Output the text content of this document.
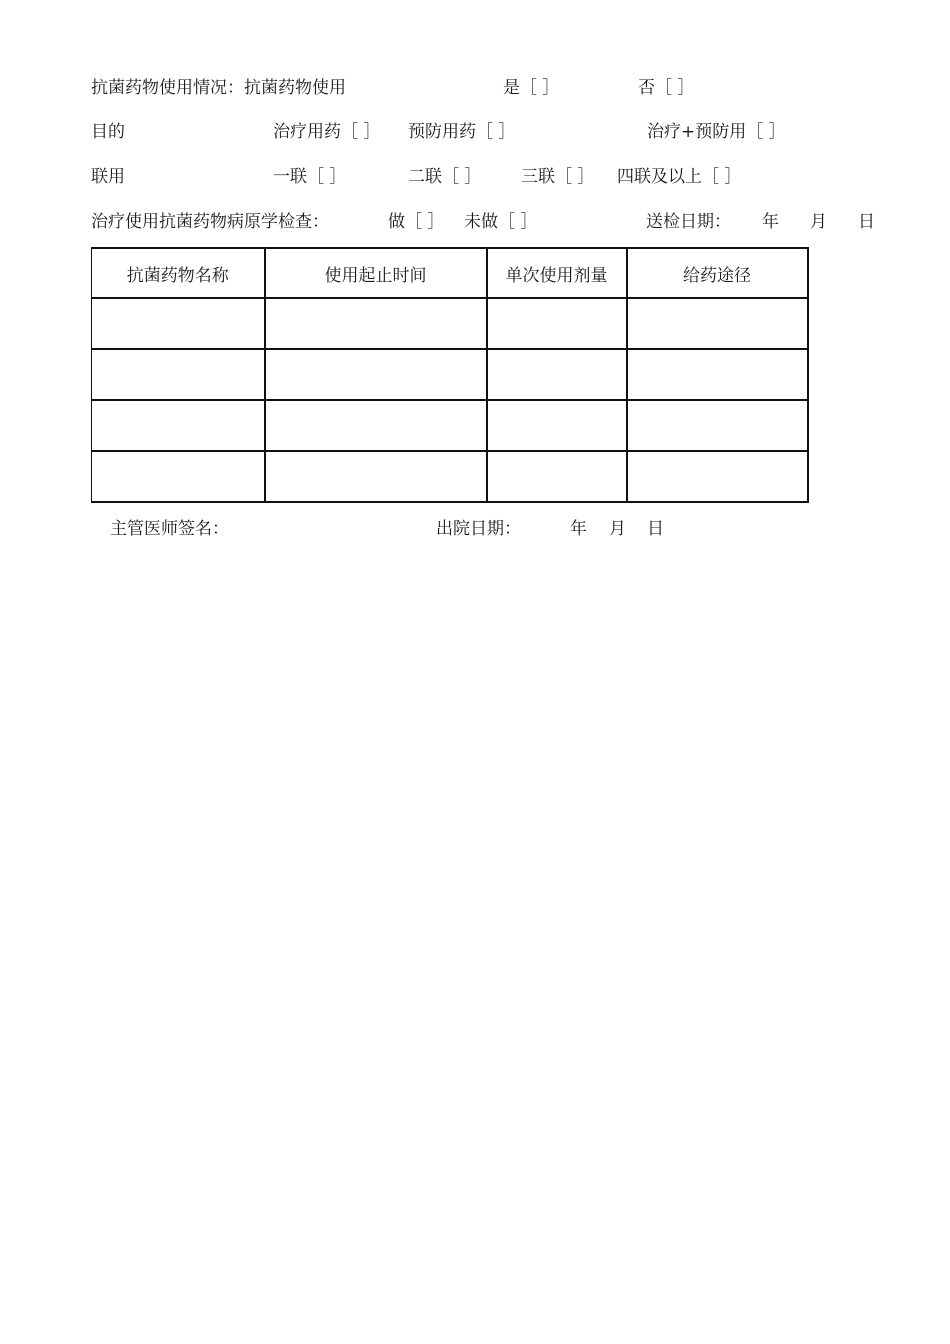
抗菌药物使用情况：抗菌药物使用	是［ ］	否［ ］
目的	治疗用药［ ］ 预防用药［ ］	治疗+预防用［ ］
联用	一联［ ］	二联［ ］ 三联［ ］ 四联及以上［ ］
治疗使用抗菌药物病原学检查：	做［ ］ 未做［ ］	送检日期： 年 月 日
抗菌药物名称	使用起止时间	单次使用剂量	给药途径

主管医师签名：	出院日期：	年 月 日
